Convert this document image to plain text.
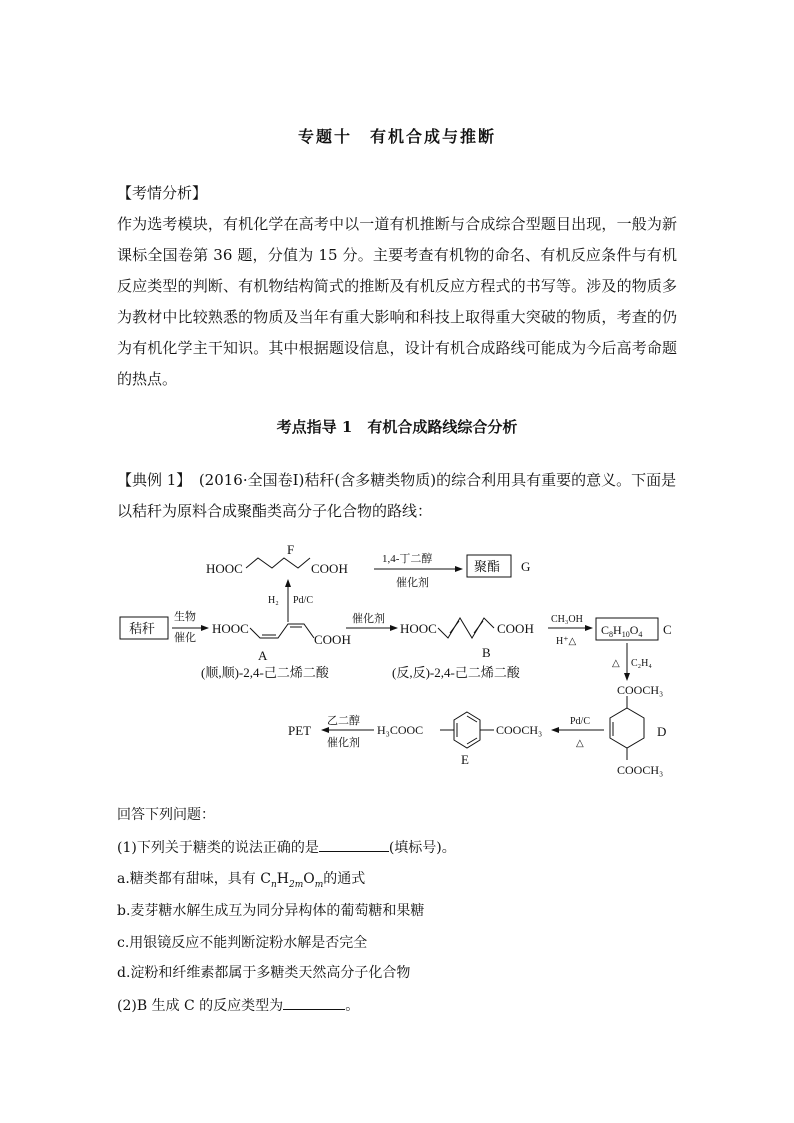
专题十　有机合成与推断
【考情分析】
作为选考模块，有机化学在高考中以一道有机推断与合成综合型题目出现，一般为新课标全国卷第 36 题，分值为 15 分。主要考查有机物的命名、有机反应条件与有机反应类型的判断、有机物结构简式的推断及有机反应方程式的书写等。涉及的物质多为教材中比较熟悉的物质及当年有重大影响和科技上取得重大突破的物质，考查的仍为有机化学主干知识。其中根据题设信息，设计有机合成路线可能成为今后高考命题的热点。
考点指导 1　有机合成路线综合分析
【典例 1】　(2016·全国卷Ⅰ)秸秆(含多糖类物质)的综合利用具有重要的意义。下面是以秸秆为原料合成聚酯类高分子化合物的路线：
HOOC
F
COOH
1,4-丁二醇
催化剂
聚酯 G
H₂ Pd/C
秸秆
生物
催化
HOOC
COOH
A
(顺,顺)-2,4-己二烯二酸
催化剂
HOOC	COOH
B
(反,反)-2,4-己二烯二酸
CH₃OH
H⁺△
$C_8H_{10}O_4$ C
△ C₂H₄
COOCH₃
COOCH₃
D
Pd/C
△
COOCH₃
H₃COOC
E
乙二醇
催化剂
PET
回答下列问题：
(1)下列关于糖类的说法正确的是	(填标号)。
a.糖类都有甜味，具有 $C_nH_{2m}O_m$的通式
b.麦芽糖水解生成互为同分异构体的葡萄糖和果糖
c.用银镜反应不能判断淀粉水解是否完全
d.淀粉和纤维素都属于多糖类天然高分子化合物
(2)B 生成 C 的反应类型为	。
